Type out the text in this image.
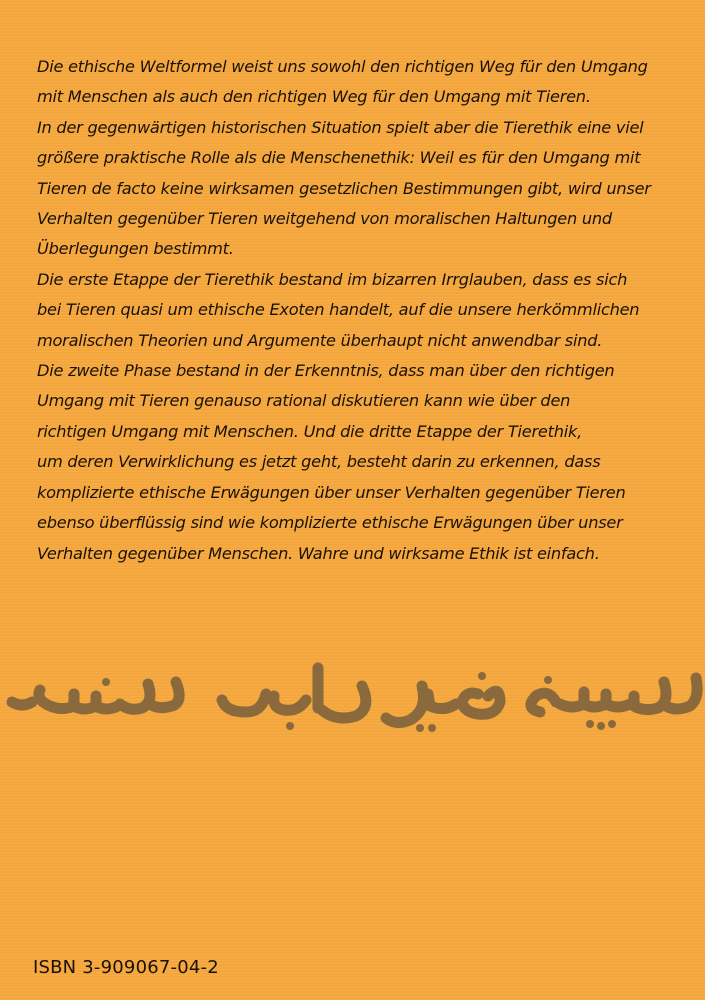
Die ethische Weltformel weist uns sowohl den richtigen Weg für den Umgang

mit Menschen als auch den richtigen Weg für den Umgang mit Tieren.

In der gegenwärtigen historischen Situation spielt aber die Tierethik eine viel

größere praktische Rolle als die Menschenethik: Weil es für den Umgang mit

Tieren de facto keine wirksamen gesetzlichen Bestimmungen gibt, wird unser

Verhalten gegenüber Tieren weitgehend von moralischen Haltungen und

Überlegungen bestimmt.

Die erste Etappe der Tierethik bestand im bizarren Irrglauben, dass es sich

bei Tieren quasi um ethische Exoten handelt, auf die unsere herkömmlichen

moralischen Theorien und Argumente überhaupt nicht anwendbar sind.

Die zweite Phase bestand in der Erkenntnis, dass man über den richtigen

Umgang mit Tieren genauso rational diskutieren kann wie über den

richtigen Umgang mit Menschen. Und die dritte Etappe der Tierethik,

um deren Verwirklichung es jetzt geht, besteht darin zu erkennen, dass

komplizierte ethische Erwägungen über unser Verhalten gegenüber Tieren

ebenso überflüssig sind wie komplizierte ethische Erwägungen über unser

Verhalten gegenüber Menschen. Wahre und wirksame Ethik ist einfach.

ISBN 3-909067-04-2
